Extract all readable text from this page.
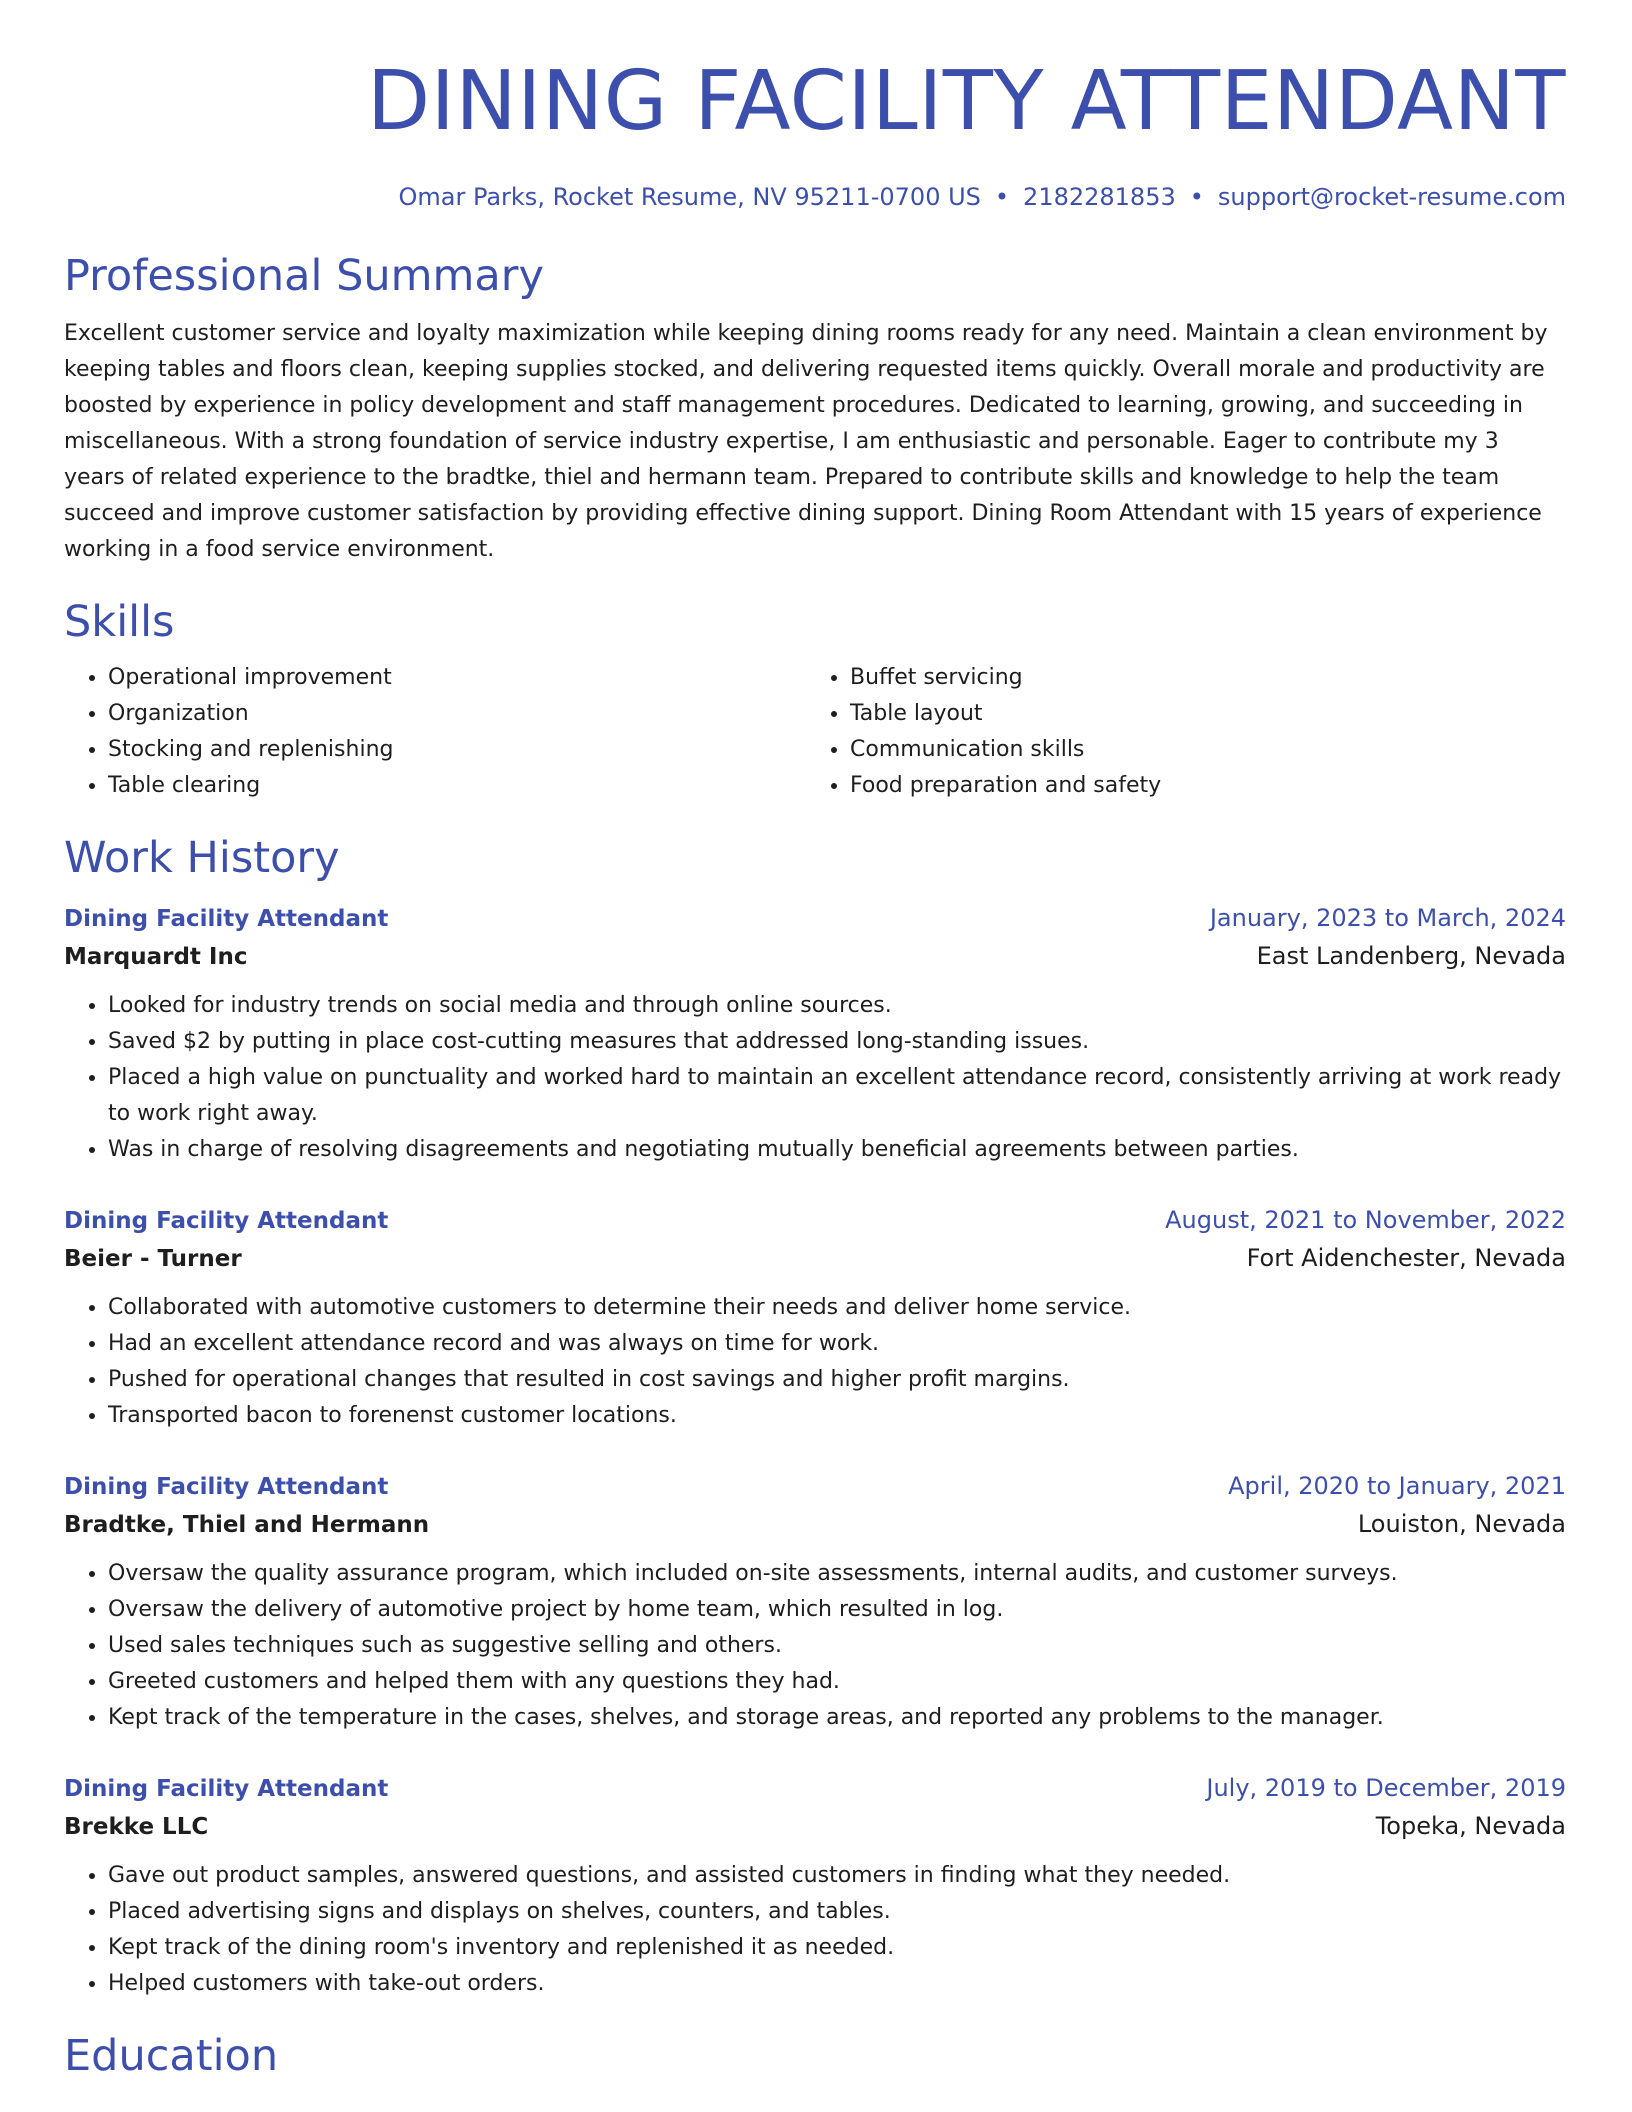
DINING FACILITY ATTENDANT
Omar Parks, Rocket Resume, NV 95211-0700 US • 2182281853 • support@rocket-resume.com
Professional Summary

Excellent customer service and loyalty maximization while keeping dining rooms ready for any need. Maintain a clean environment by keeping tables and floors clean, keeping supplies stocked, and delivering requested items quickly. Overall morale and productivity are boosted by experience in policy development and staff management procedures. Dedicated to learning, growing, and succeeding in miscellaneous. With a strong foundation of service industry expertise, I am enthusiastic and personable. Eager to contribute my 3 years of related experience to the bradtke, thiel and hermann team. Prepared to contribute skills and knowledge to help the team succeed and improve customer satisfaction by providing effective dining support. Dining Room Attendant with 15 years of experience working in a food service environment.

Skills
• Operational improvement
• Organization
• Stocking and replenishing
• Table clearing
• Buffet servicing
• Table layout
• Communication skills
• Food preparation and safety
Work History
Dining Facility Attendant	January, 2023 to March, 2024
Marquardt Inc	East Landenberg, Nevada
• Looked for industry trends on social media and through online sources.
• Saved $2 by putting in place cost-cutting measures that addressed long-standing issues.
• Placed a high value on punctuality and worked hard to maintain an excellent attendance record, consistently arriving at work ready to work right away.
• Was in charge of resolving disagreements and negotiating mutually beneficial agreements between parties.
Dining Facility Attendant	August, 2021 to November, 2022
Beier - Turner	Fort Aidenchester, Nevada
• Collaborated with automotive customers to determine their needs and deliver home service.
• Had an excellent attendance record and was always on time for work.
• Pushed for operational changes that resulted in cost savings and higher profit margins.
• Transported bacon to forenenst customer locations.
Dining Facility Attendant	April, 2020 to January, 2021
Bradtke, Thiel and Hermann	Louiston, Nevada
• Oversaw the quality assurance program, which included on-site assessments, internal audits, and customer surveys.
• Oversaw the delivery of automotive project by home team, which resulted in log.
• Used sales techniques such as suggestive selling and others.
• Greeted customers and helped them with any questions they had.
• Kept track of the temperature in the cases, shelves, and storage areas, and reported any problems to the manager.
Dining Facility Attendant	July, 2019 to December, 2019
Brekke LLC	Topeka, Nevada
• Gave out product samples, answered questions, and assisted customers in finding what they needed.
• Placed advertising signs and displays on shelves, counters, and tables.
• Kept track of the dining room's inventory and replenished it as needed.
• Helped customers with take-out orders.
Education
